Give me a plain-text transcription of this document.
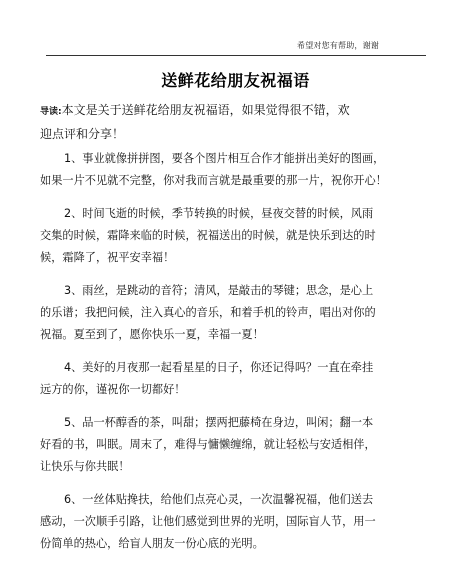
希望对您有帮助，谢谢
送鲜花给朋友祝福语
导读:本文是关于送鲜花给朋友祝福语，如果觉得很不错，欢
迎点评和分享！
1、事业就像拼拼图，要各个图片相互合作才能拼出美好的图画，
如果一片不见就不完整，你对我而言就是最重要的那一片，祝你开心！
2、时间飞逝的时候，季节转换的时候，昼夜交替的时候，风雨
交集的时候，霜降来临的时候，祝福送出的时候，就是快乐到达的时
候，霜降了，祝平安幸福！
3、雨丝，是跳动的音符；清风，是敲击的琴键；思念，是心上
的乐谱；我把问候，注入真心的音乐，和着手机的铃声，唱出对你的
祝福。夏至到了，愿你快乐一夏，幸福一夏！
4、美好的月夜那一起看星星的日子，你还记得吗？一直在牵挂
远方的你，谨祝你一切都好！
5、品一杯醇香的茶，叫甜；摆两把藤椅在身边，叫闲；翻一本
好看的书，叫眠。周末了，难得与慵懒缠绵，就让轻松与安适相伴，
让快乐与你共眠！
6、一丝体贴搀扶，给他们点亮心灵，一次温馨祝福，他们送去
感动，一次顺手引路，让他们感觉到世界的光明，国际盲人节，用一
份简单的热心，给盲人朋友一份心底的光明。
